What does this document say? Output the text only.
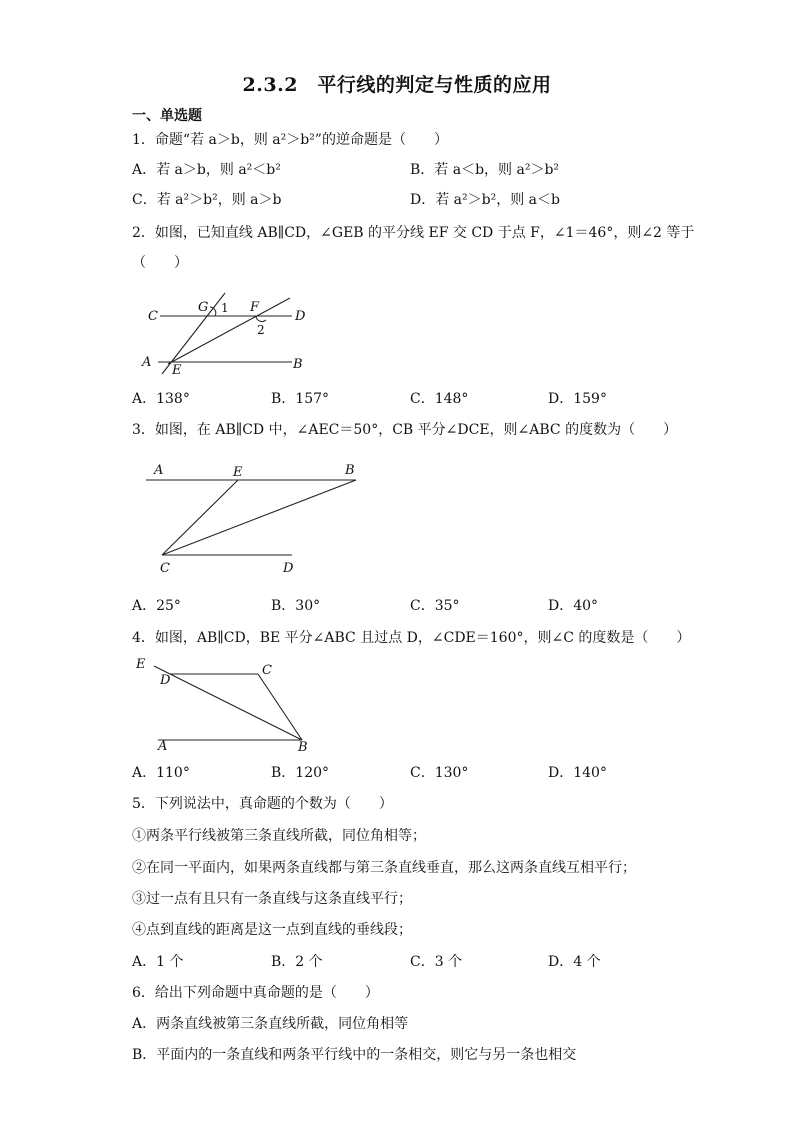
2.3.2　平行线的判定与性质的应用
一、单选题
1．命题“若 a＞b，则 a²＞b²”的逆命题是（　　）
A．若 a＞b，则 a²＜b²	B．若 a＜b，则 a²＞b²
C．若 a²＞b²，则 a＞b	D．若 a²＞b²，则 a＜b
2．如图，已知直线 AB∥CD，∠GEB 的平分线 EF 交 CD 于点 F，∠1＝46°，则∠2 等于
（　　）
C
G 1 F
D
2
A
E	B
A．138°	B．157°	C．148°	D．159°
3．如图，在 AB∥CD 中，∠AEC＝50°，CB 平分∠DCE，则∠ABC 的度数为（　　）
A	E	B
C	D
A．25°	B．30°	C．35°	D．40°
4．如图，AB∥CD，BE 平分∠ABC 且过点 D，∠CDE＝160°，则∠C 的度数是（　　）
E
D
C
A	B
A．110°	B．120°	C．130°	D．140°
5．下列说法中，真命题的个数为（　　）
①两条平行线被第三条直线所截，同位角相等；
②在同一平面内，如果两条直线都与第三条直线垂直，那么这两条直线互相平行；
③过一点有且只有一条直线与这条直线平行；
④点到直线的距离是这一点到直线的垂线段；
A．1 个	B．2 个	C．3 个	D．4 个
6．给出下列命题中真命题的是（　　）
A．两条直线被第三条直线所截，同位角相等
B．平面内的一条直线和两条平行线中的一条相交，则它与另一条也相交
